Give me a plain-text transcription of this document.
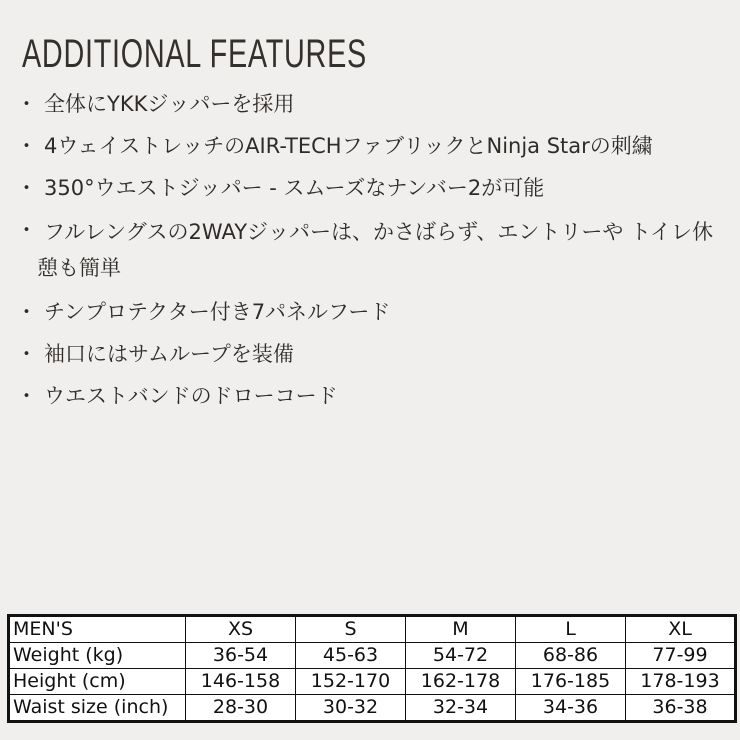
ADDITIONAL FEATURES
・ 全体にYKKジッパーを採用
・ 4ウェイストレッチのAIR-TECHファブリックとNinja Starの刺繍
・ 350°ウエストジッパー - スムーズなナンバー2が可能
・ フルレングスの2WAYジッパーは、かさばらず、エントリーや トイレ休憩も簡単
・ チンプロテクター付き7パネルフード
・ 袖口にはサムループを装備
・ ウエストバンドのドローコード
MEN'S	XS	S	M	L	XL
Weight (kg)	36-54	45-63	54-72	68-86	77-99
Height (cm)	146-158	152-170	162-178	176-185	178-193
Waist size (inch)	28-30	30-32	32-34	34-36	36-38
